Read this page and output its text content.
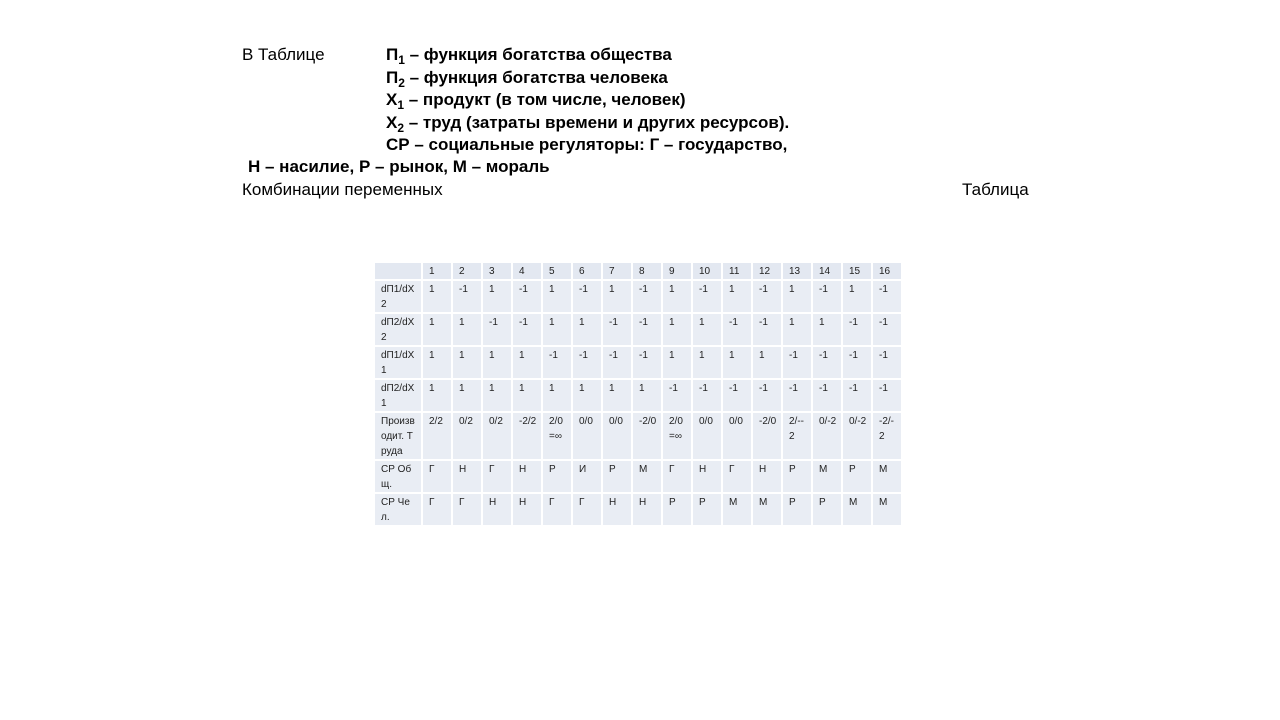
В Таблице	$П_1$ – функция богатства общества
$П_2$ – функция богатства человека
$Х_1$ – продукт (в том числе, человек)
$Х_2$ – труд (затраты времени и других ресурсов).
СР – социальные регуляторы: Г – государство,
Н – насилие, Р – рынок, М – мораль
Комбинации переменных	Таблица
	1	2	3	4	5	6	7	8	9	10	11	12	13	14	15	16
dП1/dХ2	1	-1	1	-1	1	-1	1	-1	1	-1	1	-1	1	-1	1	-1
dП2/dХ2	1	1	-1	-1	1	1	-1	-1	1	1	-1	-1	1	1	-1	-1
dП1/dХ1	1	1	1	1	-1	-1	-1	-1	1	1	1	1	-1	-1	-1	-1
dП2/dХ1	1	1	1	1	1	1	1	1	-1	-1	-1	-1	-1	-1	-1	-1
Производит. Труда	2/2	0/2	0/2	-2/2	2/0=∞	0/0	0/0	-2/0	2/0=∞	0/0	0/0	-2/0	2/--2	0/-2	0/-2	-2/-2
СР Общ.	Г	Н	Г	Н	Р	И	Р	М	Г	Н	Г	Н	Р	М	Р	М
СР Чел.	Г	Г	Н	Н	Г	Г	Н	Н	Р	Р	М	М	Р	Р	М	М
